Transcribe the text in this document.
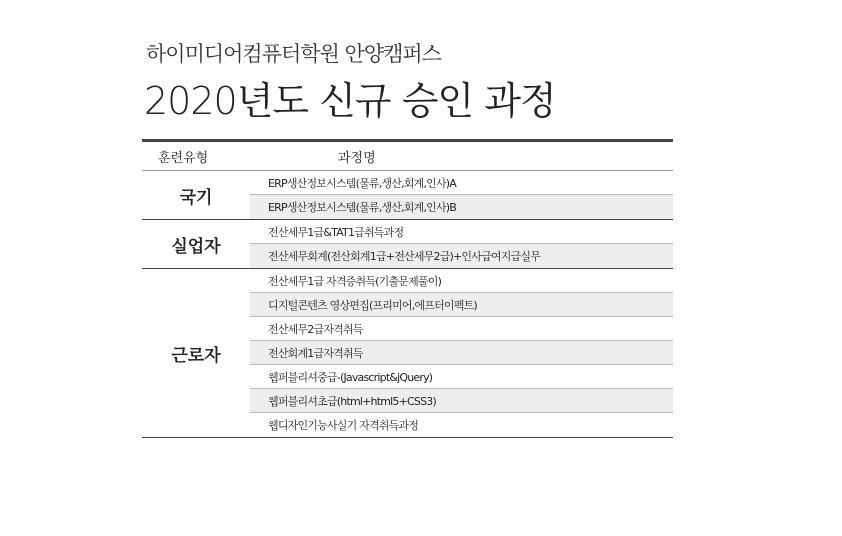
하이미디어컴퓨터학원 안양캠퍼스
2020년도 신규 승인 과정
훈련유형	과정명
국기
ERP생산정보시스템(물류,생산,회계,인사)A
ERP생산정보시스템(물류,생산,회계,인사)B
실업자
전산세무1급&TAT1급취득과정
전산세무회계(전산회계1급+전산세무2급)+인사급여지급실무
근로자
전산세무1급 자격증취득(기출문제풀이)
디지털콘텐츠 영상편집(프리미어,에프터이펙트)
전산세무2급자격취득
전산회계1급자격취득
웹퍼블리셔중급-(Javascript&jQuery)
웹퍼블리셔초급(html+html5+CSS3)
웹디자인기능사실기 자격취득과정
